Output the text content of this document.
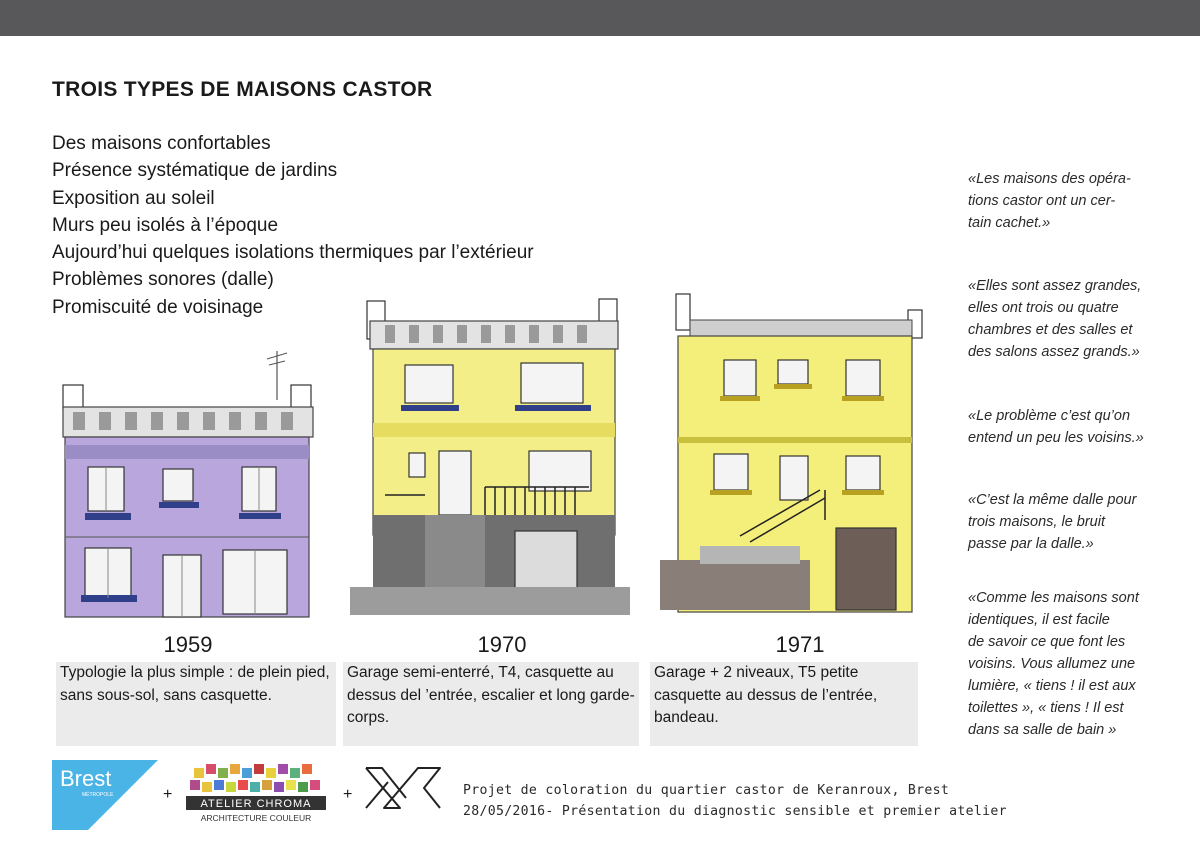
TROIS TYPES DE MAISONS CASTOR
Des maisons confortables
Présence systématique de jardins
Exposition au soleil
Murs peu isolés à l’époque
Aujourd’hui quelques isolations thermiques par l’extérieur
Problèmes sonores (dalle)
Promiscuité de voisinage
1959	1970	1971
Typologie la plus simple : de plein pied, sans sous-sol, sans casquette.
Garage semi-enterré, T4, casquette au dessus del ’entrée, escalier et long garde-corps.
Garage + 2 niveaux, T5 petite casquette au dessus de l’entrée, bandeau.
«Les maisons des opéra-
tions castor ont un cer-
tain cachet.»
«Elles sont assez grandes,
elles ont trois ou quatre
chambres et des salles et
des salons assez grands.»
«Le problème c’est qu’on
entend un peu les voisins.»
«C’est la même dalle pour
trois maisons, le bruit
passe par la dalle.»
«Comme les maisons sont
identiques, il est facile
de savoir ce que font les
voisins. Vous allumez une
lumière, « tiens ! il est aux
toilettes », « tiens ! Il est
dans sa salle de bain »
Brest
MÉTROPOLE	+
ATELIER CHROMA
ARCHITECTURE COULEUR
+	Projet de coloration du quartier castor de Keranroux, Brest
28/05/2016- Présentation du diagnostic sensible et premier atelier
